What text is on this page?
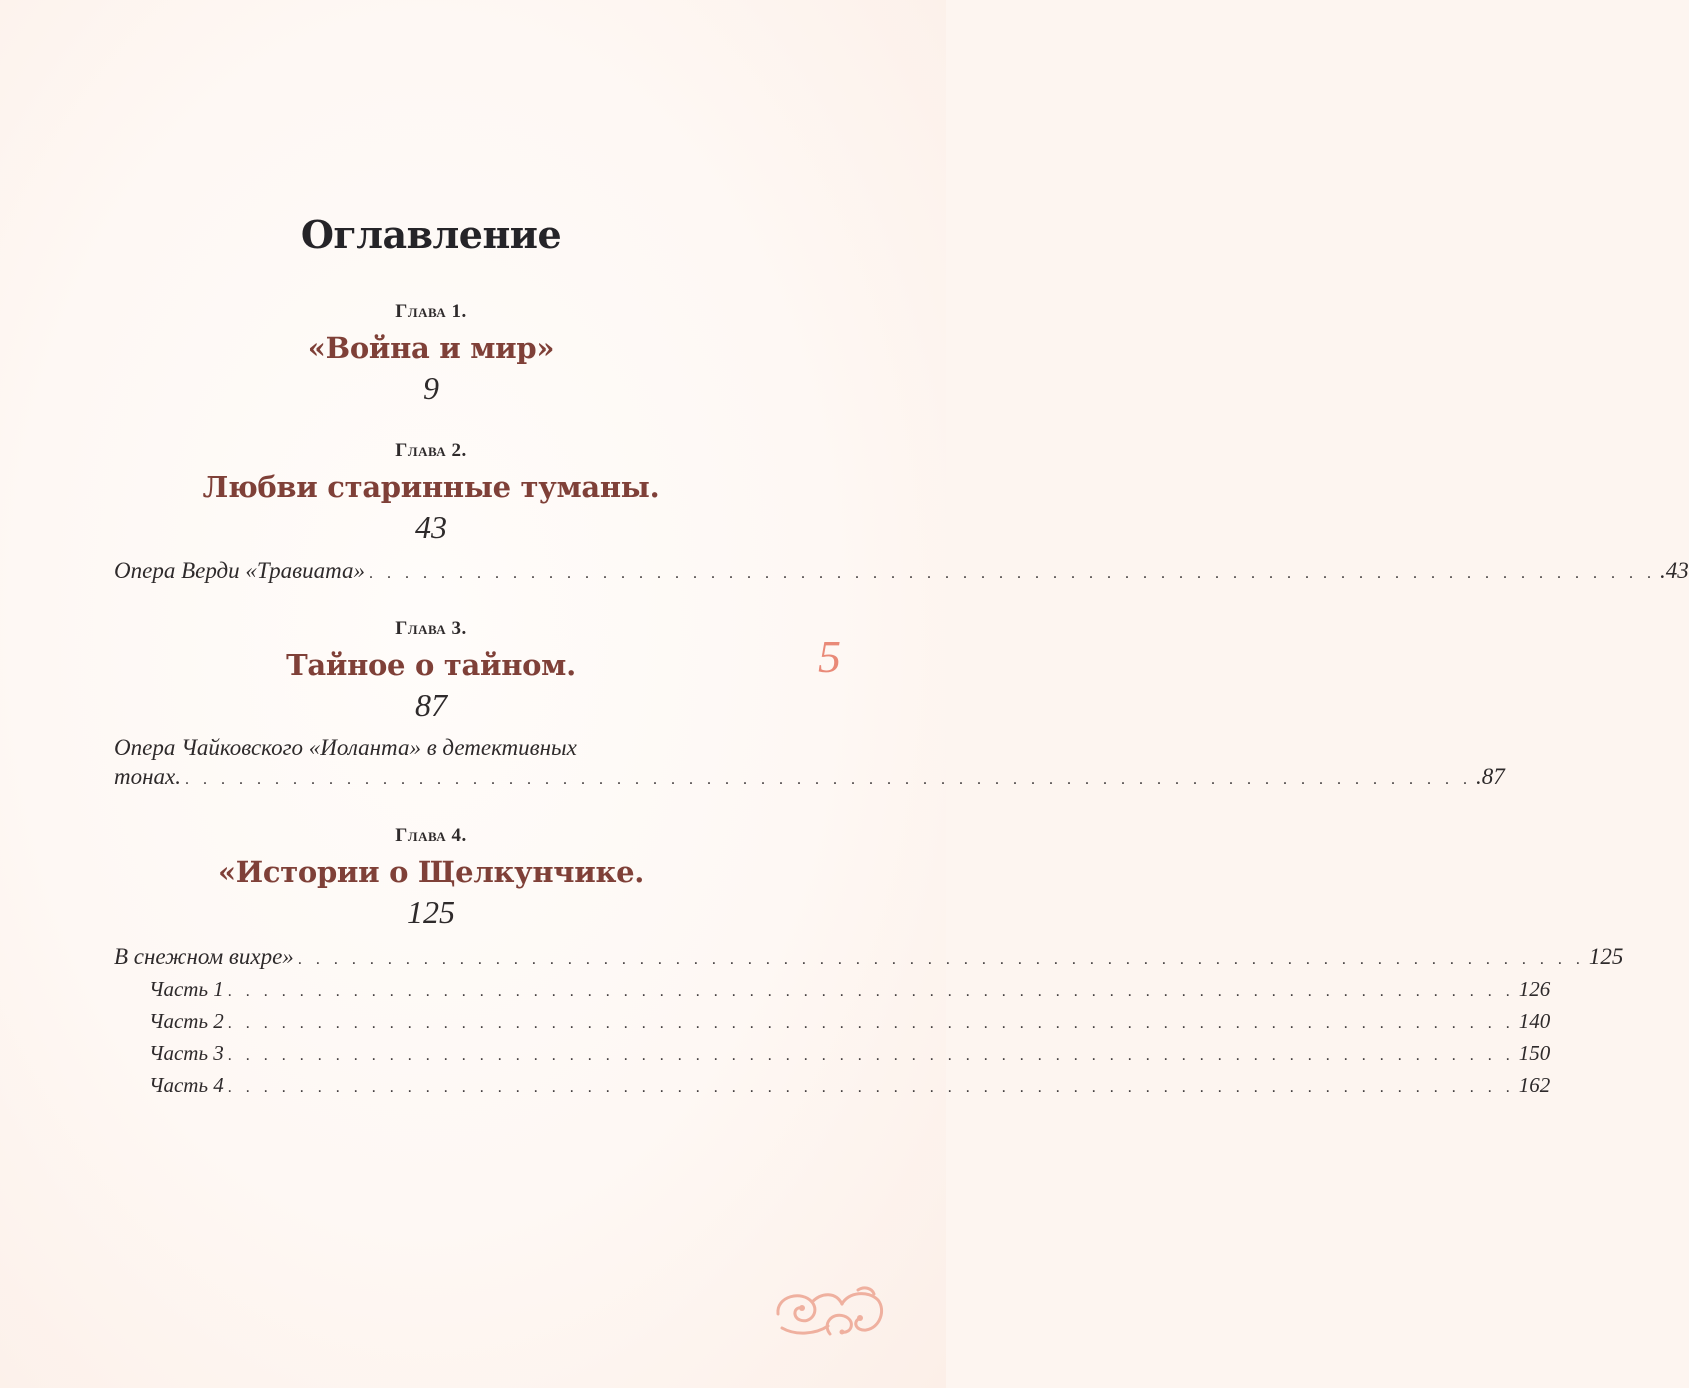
Оглавление
Глава 1.
«Война и мир»
9
Глава 2.
Любви старинные туманы.
43
Опера Верди «Травиата» . . . . . . . . . . . . . . . . . . . . . . . . . . . . . . . . . . . . . . . . . . . . . . . . . . . . . . . . . . . . . . . . . . . . . . . . .43
Глава 3.
Тайное о тайном.
87
Опера Чайковского «Иоланта» в детективных
тонах. . . . . . . . . . . . . . . . . . . . . . . . . . . . . . . . . . . . . . . . . . . . . . . . . . . . . . . . . . . . . . . . . . . . . . . . . .87
Глава 4.
«Истории о Щелкунчике.
125
В снежном вихре» . . . . . . . . . . . . . . . . . . . . . . . . . . . . . . . . . . . . . . . . . . . . . . . . . . . . . . . . . . . . . . . . . . . . . . . . 125
Часть 1 . . . . . . . . . . . . . . . . . . . . . . . . . . . . . . . . . . . . . . . . . . . . . . . . . . . . . . . . . . . . . . . . . . . . . . . . 126
Часть 2 . . . . . . . . . . . . . . . . . . . . . . . . . . . . . . . . . . . . . . . . . . . . . . . . . . . . . . . . . . . . . . . . . . . . . . . . 140
Часть 3 . . . . . . . . . . . . . . . . . . . . . . . . . . . . . . . . . . . . . . . . . . . . . . . . . . . . . . . . . . . . . . . . . . . . . . . . 150
Часть 4 . . . . . . . . . . . . . . . . . . . . . . . . . . . . . . . . . . . . . . . . . . . . . . . . . . . . . . . . . . . . . . . . . . . . . . . . 162
5
